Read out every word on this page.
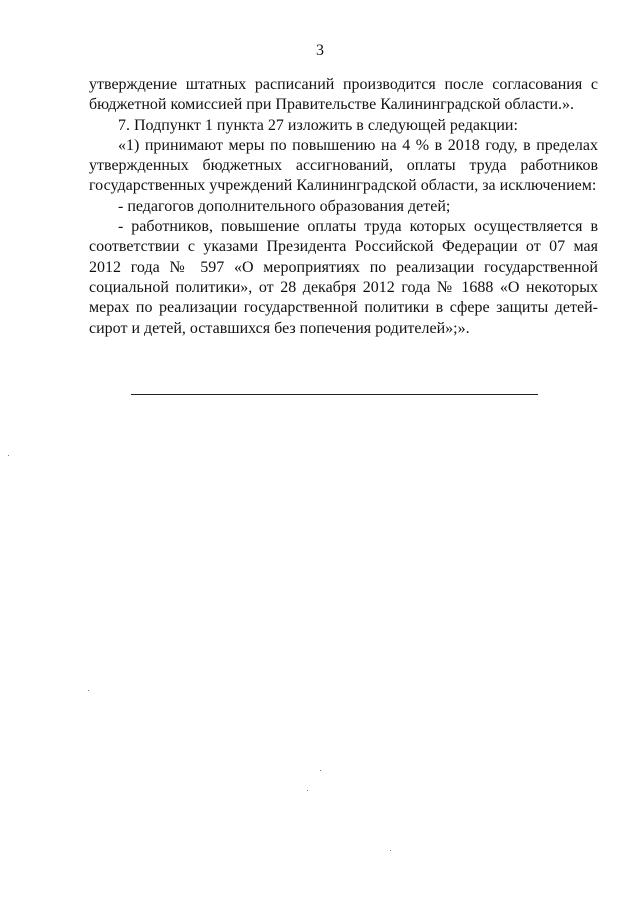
3

утверждение штатных расписаний производится после согласования с бюджетной комиссией при Правительстве Калининградской области.».

7. Подпункт 1 пункта 27 изложить в следующей редакции:

«1) принимают меры по повышению на 4 % в 2018 году, в пределах утвержденных бюджетных ассигнований, оплаты труда работников государственных учреждений Калининградской области, за исключением:

- педагогов дополнительного образования детей;

- работников, повышение оплаты труда которых осуществляется в соответствии с указами Президента Российской Федерации от 07 мая 2012 года № 597 «О мероприятиях по реализации государственной социальной политики», от 28 декабря 2012 года № 1688 «О некоторых мерах по реализации государственной политики в сфере защиты детей-сирот и детей, оставшихся без попечения родителей»;».
